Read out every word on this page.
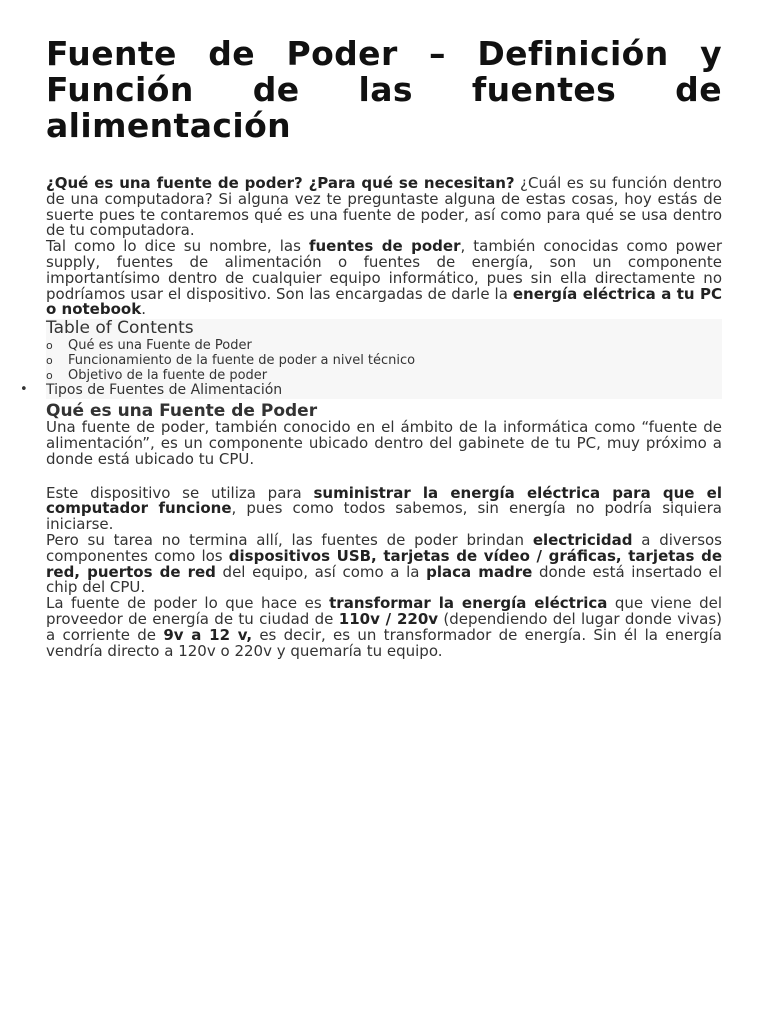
Fuente de Poder – Definición y Función de las fuentes de alimentación

¿Qué es una fuente de poder? ¿Para qué se necesitan? ¿Cuál es su función dentro de una computadora? Si alguna vez te preguntaste alguna de estas cosas, hoy estás de suerte pues te contaremos qué es una fuente de poder, así como para qué se usa dentro de tu computadora.

Tal como lo dice su nombre, las fuentes de poder, también conocidas como power supply, fuentes de alimentación o fuentes de energía, son un componente importantísimo dentro de cualquier equipo informático, pues sin ella directamente no podríamos usar el dispositivo. Son las encargadas de darle la energía eléctrica a tu PC o notebook.

Table of Contents
o Qué es una Fuente de Poder
o Funcionamiento de la fuente de poder a nivel técnico
o Objetivo de la fuente de poder
• Tipos de Fuentes de Alimentación
Qué es una Fuente de Poder

Una fuente de poder, también conocido en el ámbito de la informática como “fuente de alimentación”, es un componente ubicado dentro del gabinete de tu PC, muy próximo a donde está ubicado tu CPU.

Este dispositivo se utiliza para suministrar la energía eléctrica para que el computador funcione, pues como todos sabemos, sin energía no podría siquiera iniciarse.

Pero su tarea no termina allí, las fuentes de poder brindan electricidad a diversos componentes como los dispositivos USB, tarjetas de vídeo / gráficas, tarjetas de red, puertos de red del equipo, así como a la placa madre donde está insertado el chip del CPU.

La fuente de poder lo que hace es transformar la energía eléctrica que viene del proveedor de energía de tu ciudad de 110v / 220v (dependiendo del lugar donde vivas) a corriente de 9v a 12 v, es decir, es un transformador de energía. Sin él la energía vendría directo a 120v o 220v y quemaría tu equipo.
